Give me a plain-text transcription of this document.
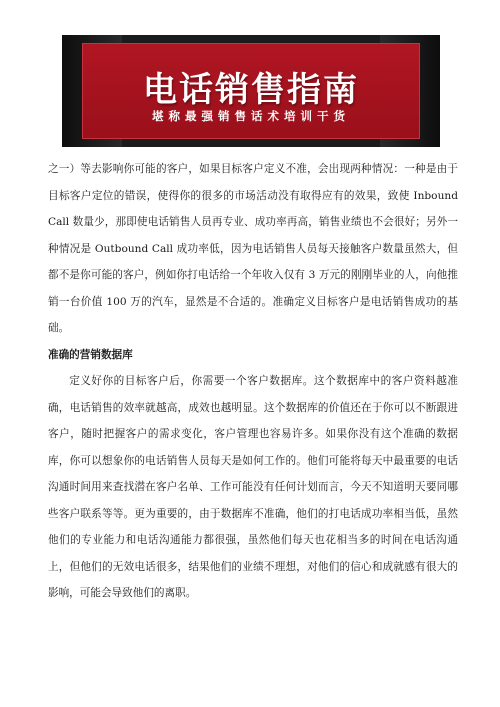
电话销售指南
堪称最强销售话术培训干货

之一）等去影响你可能的客户，如果目标客户定义不准，会出现两种情况：一种是由于目标客户定位的错误，使得你的很多的市场活动没有取得应有的效果，致使 Inbound Call 数量少，那即使电话销售人员再专业、成功率再高，销售业绩也不会很好；另外一种情况是 Outbound Call 成功率低，因为电话销售人员每天接触客户数量虽然大，但都不是你可能的客户，例如你打电话给一个年收入仅有 3 万元的刚刚毕业的人，向他推销一台价值 100 万的汽车，显然是不合适的。准确定义目标客户是电话销售成功的基础。

准确的营销数据库

定义好你的目标客户后，你需要一个客户数据库。这个数据库中的客户资料越准确，电话销售的效率就越高，成效也越明显。这个数据库的价值还在于你可以不断跟进客户，随时把握客户的需求变化，客户管理也容易许多。如果你没有这个准确的数据库，你可以想象你的电话销售人员每天是如何工作的。他们可能将每天中最重要的电话沟通时间用来查找潜在客户名单、工作可能没有任何计划而言，今天不知道明天要同哪些客户联系等等。更为重要的，由于数据库不准确，他们的打电话成功率相当低，虽然他们的专业能力和电话沟通能力都很强，虽然他们每天也花相当多的时间在电话沟通上，但他们的无效电话很多，结果他们的业绩不理想，对他们的信心和成就感有很大的影响，可能会导致他们的离职。
